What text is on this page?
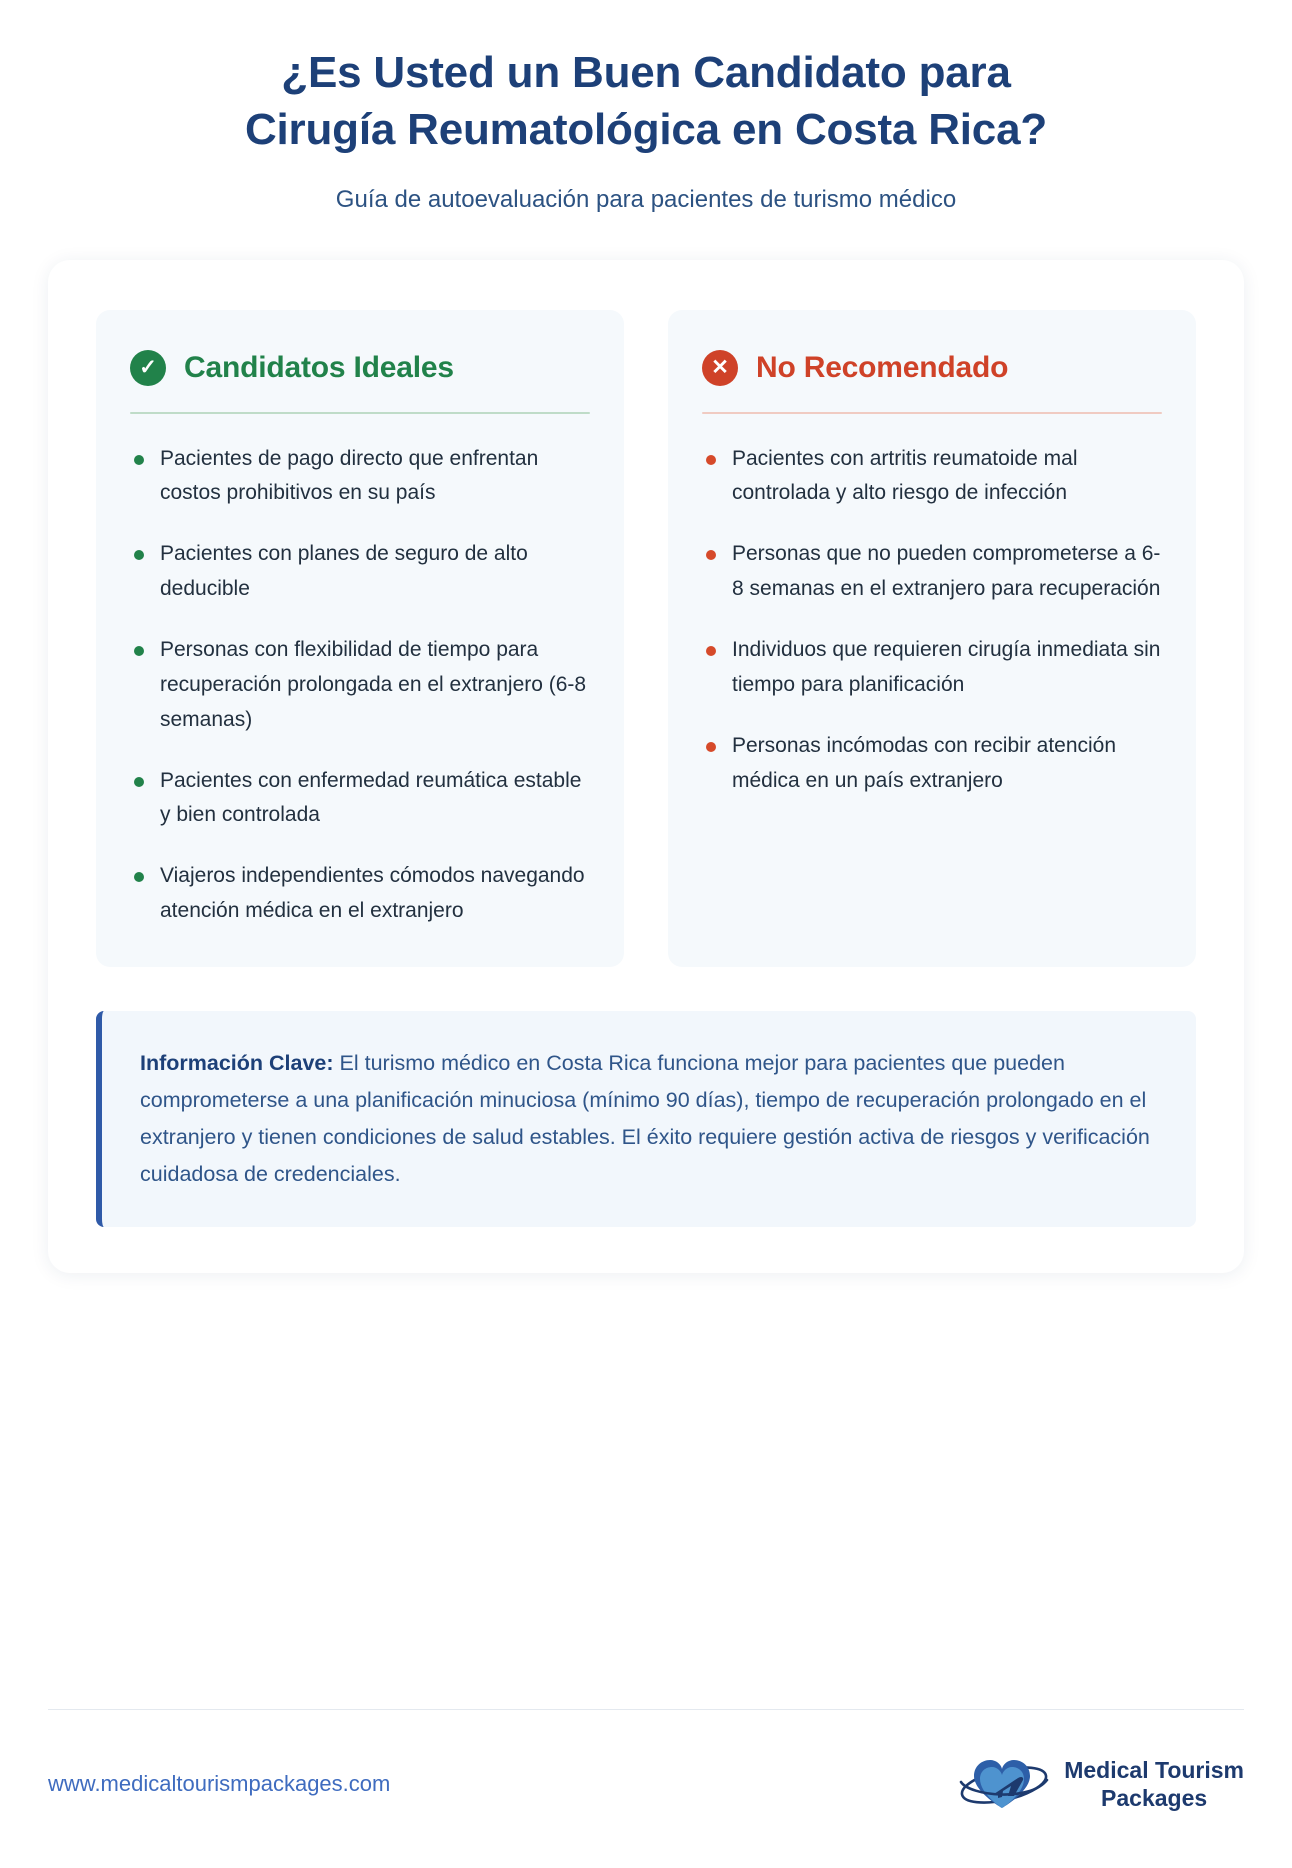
¿Es Usted un Buen Candidato para
Cirugía Reumatológica en Costa Rica?
Guía de autoevaluación para pacientes de turismo médico
✓ Candidatos Ideales
Pacientes de pago directo que enfrentan costos prohibitivos en su país
Pacientes con planes de seguro de alto deducible
Personas con flexibilidad de tiempo para recuperación prolongada en el extranjero (6-8 semanas)
Pacientes con enfermedad reumática estable y bien controlada
Viajeros independientes cómodos navegando atención médica en el extranjero
✕ No Recomendado
Pacientes con artritis reumatoide mal controlada y alto riesgo de infección
Personas que no pueden comprometerse a 6-8 semanas en el extranjero para recuperación
Individuos que requieren cirugía inmediata sin tiempo para planificación
Personas incómodas con recibir atención médica en un país extranjero

Información Clave: El turismo médico en Costa Rica funciona mejor para pacientes que pueden comprometerse a una planificación minuciosa (mínimo 90 días), tiempo de recuperación prolongado en el extranjero y tienen condiciones de salud estables. El éxito requiere gestión activa de riesgos y verificación cuidadosa de credenciales.

www.medicaltourismpackages.com
Medical Tourism
Packages
